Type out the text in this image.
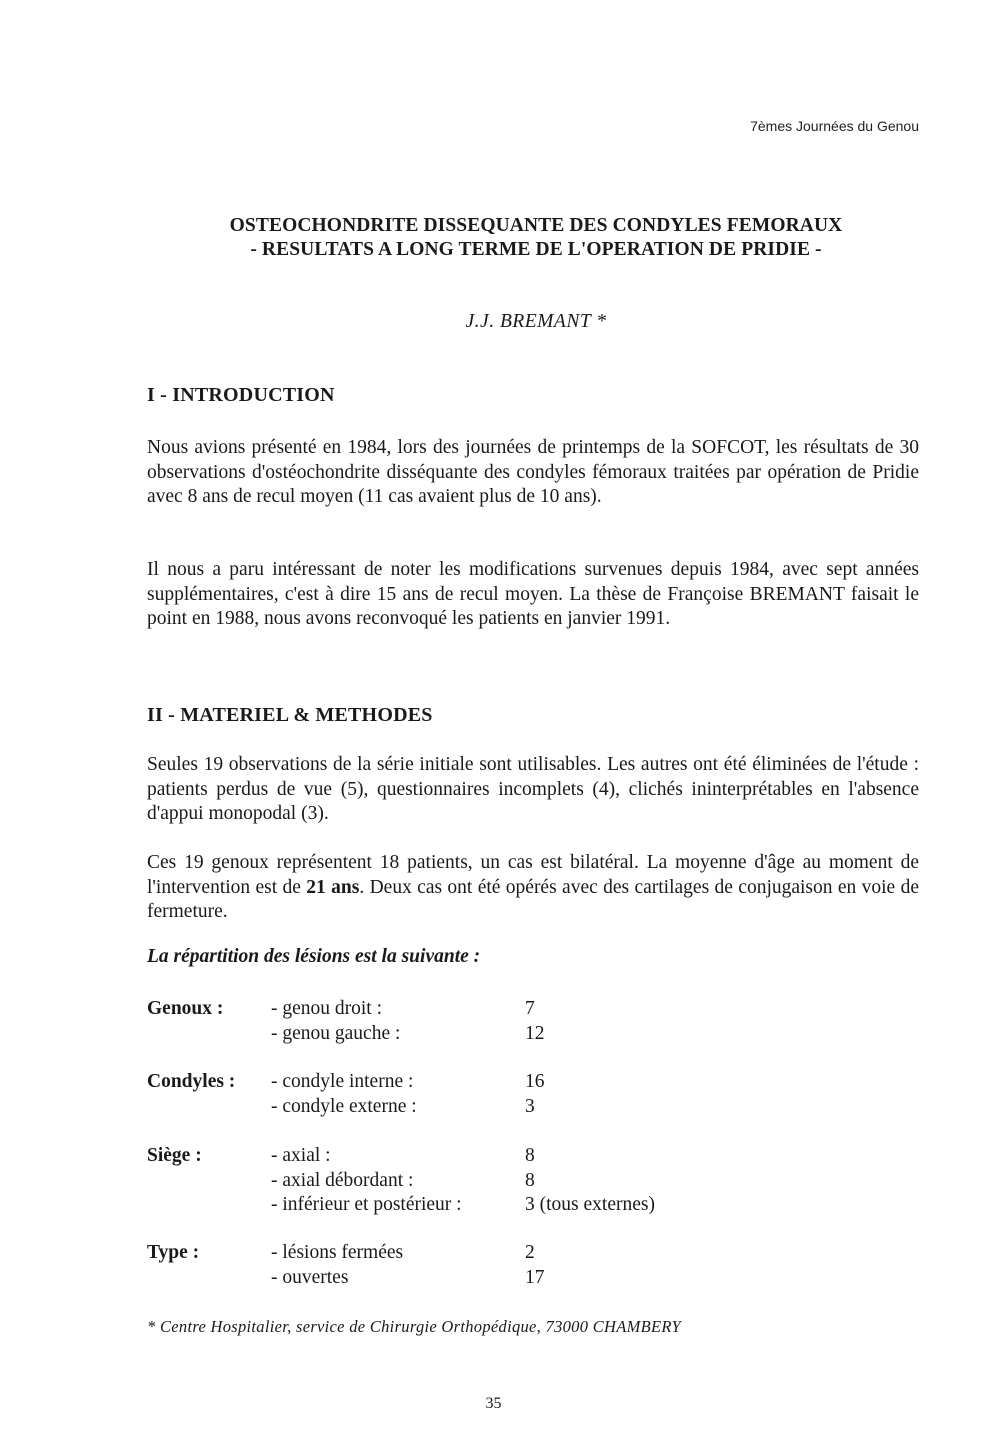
7èmes Journées du Genou
OSTEOCHONDRITE DISSEQUANTE DES CONDYLES FEMORAUX
- RESULTATS A LONG TERME DE L'OPERATION DE PRIDIE -
J.J. BREMANT *
I - INTRODUCTION
Nous avions présenté en 1984, lors des journées de printemps de la SOFCOT, les résultats de 30 observations d'ostéochondrite disséquante des condyles fémoraux traitées par opération de Pridie avec 8 ans de recul moyen (11 cas avaient plus de 10 ans).
Il nous a paru intéressant de noter les modifications survenues depuis 1984, avec sept années supplémentaires, c'est à dire 15 ans de recul moyen. La thèse de Françoise BREMANT faisait le point en 1988, nous avons reconvoqué les patients en janvier 1991.
II - MATERIEL & METHODES
Seules 19 observations de la série initiale sont utilisables. Les autres ont été éliminées de l'étude : patients perdus de vue (5), questionnaires incomplets (4), clichés ininterprétables en l'absence d'appui monopodal (3).
Ces 19 genoux représentent 18 patients, un cas est bilatéral. La moyenne d'âge au moment de l'intervention est de 21 ans. Deux cas ont été opérés avec des cartilages de conjugaison en voie de fermeture.
La répartition des lésions est la suivante :
Genoux : - genou droit :	7
- genou gauche :	12
Condyles : - condyle interne :	16
- condyle externe :	3
Siège :	- axial :	8
- axial débordant :	8
- inférieur et postérieur :	3 (tous externes)
Type :	- lésions fermées	2
- ouvertes	17
* Centre Hospitalier, service de Chirurgie Orthopédique, 73000 CHAMBERY
35
